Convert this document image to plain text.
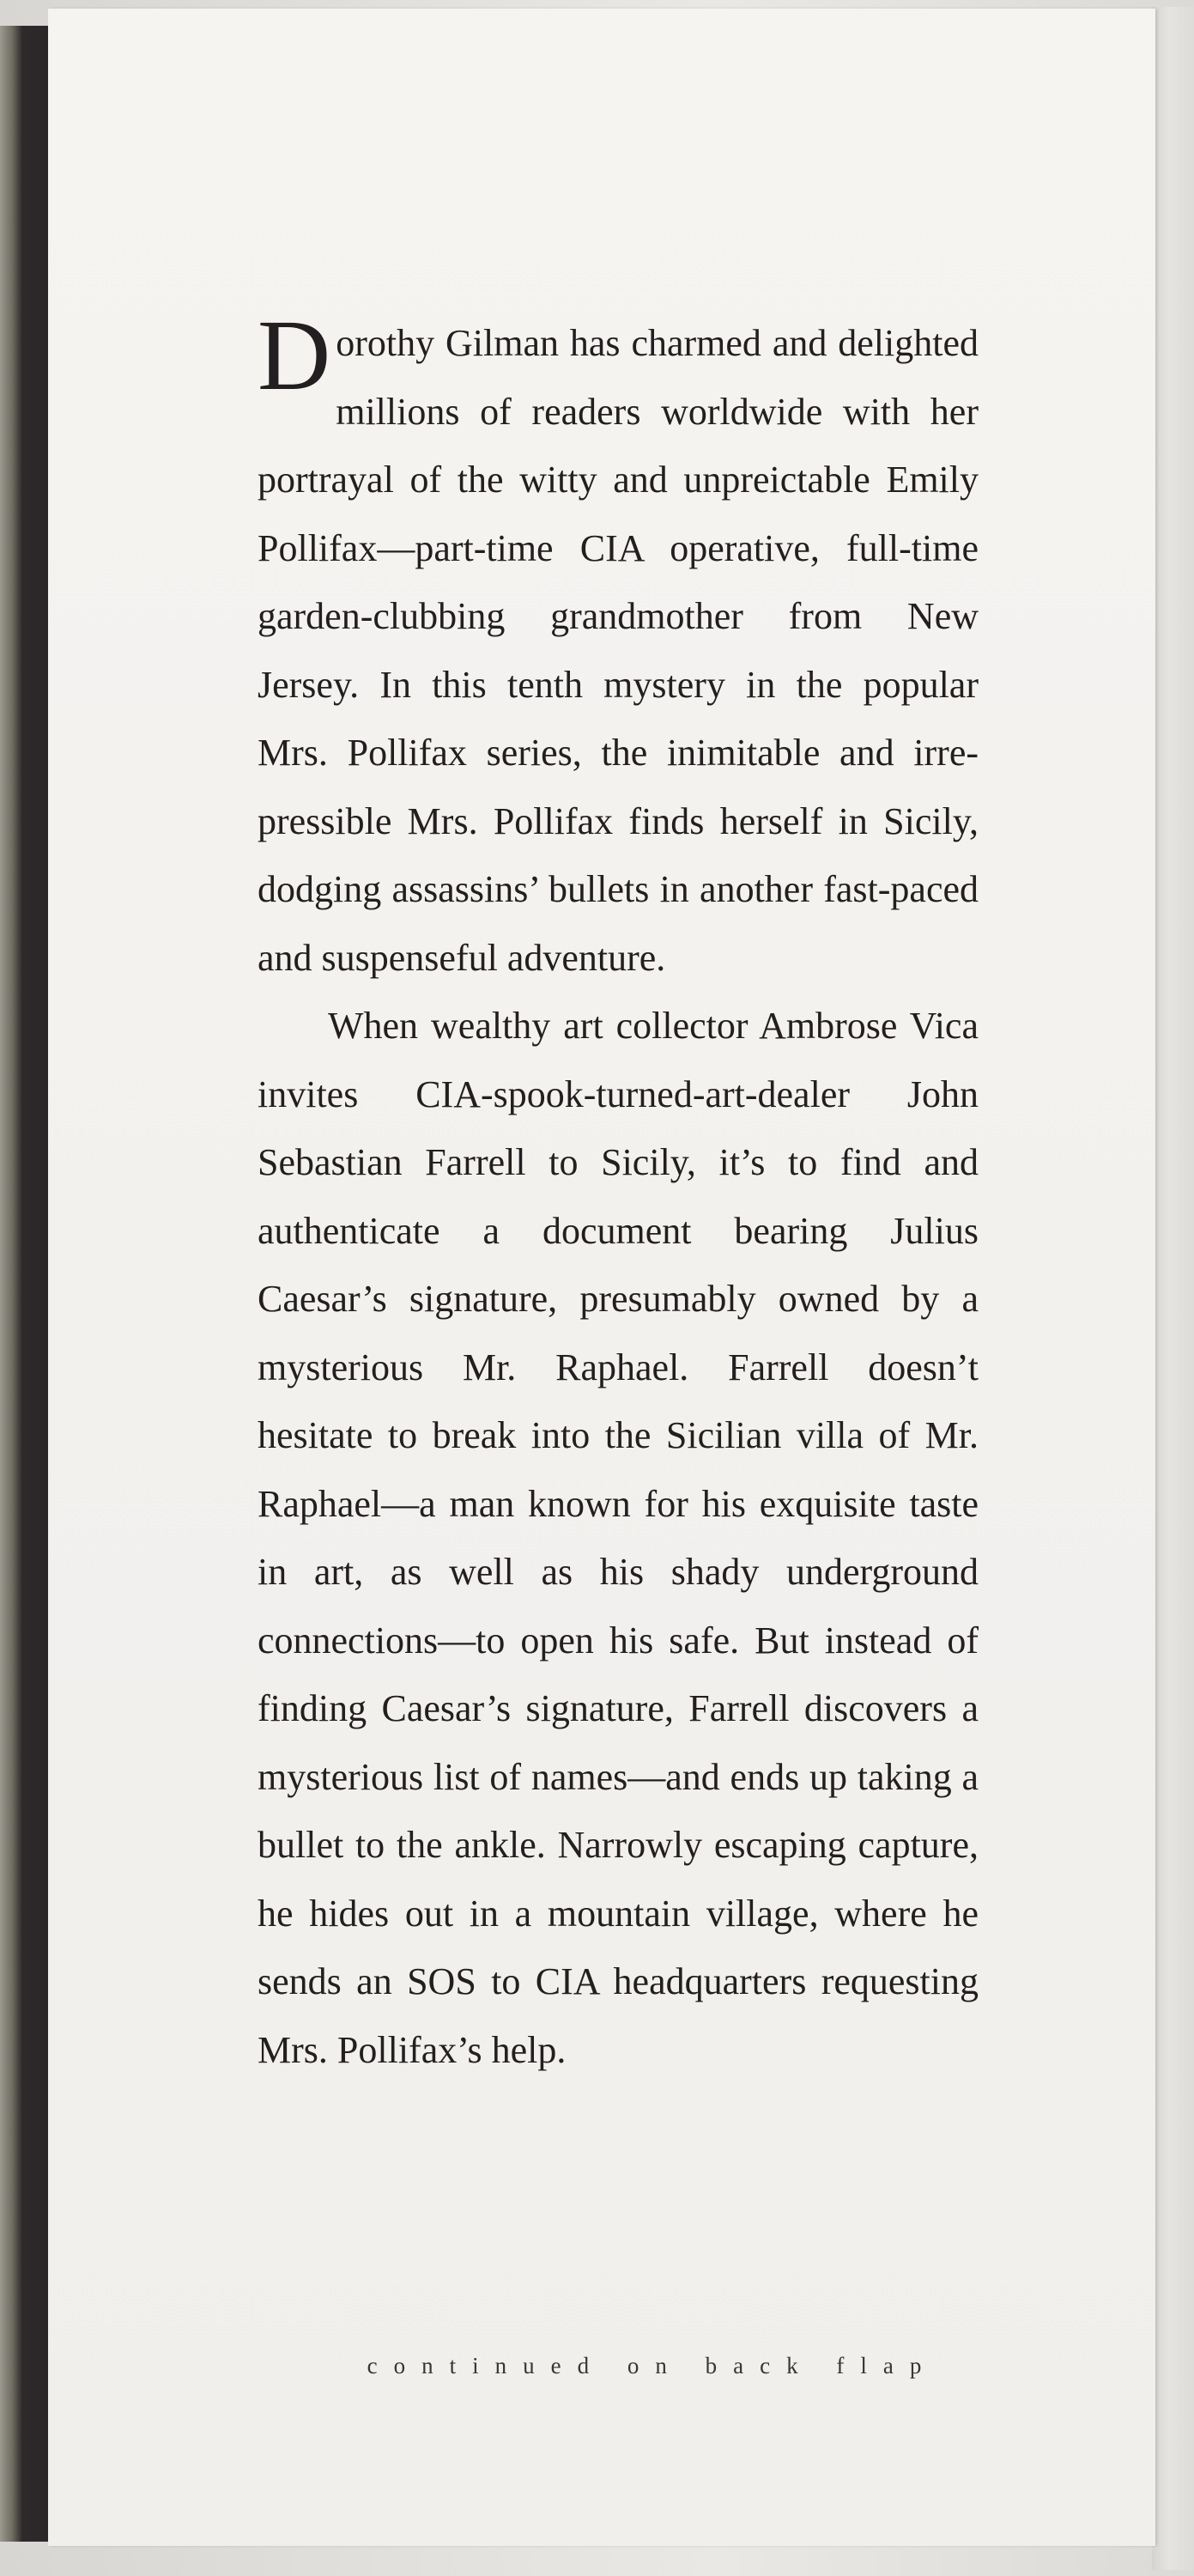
Dorothy Gilman has charmed and delighted millions of readers worldwide with her portrayal of the witty and unpreictable Emily Pollifax—part-time CIA operative, full-time garden-clubbing grandmother from New Jersey. In this tenth mystery in the popular Mrs. Pollifax series, the inimitable and irrepressible Mrs. Pollifax finds herself in Sicily, dodging assassins’ bullets in another fast-paced and suspenseful adventure.

When wealthy art collector Ambrose Vica invites CIA-spook-turned-art-dealer John Sebastian Farrell to Sicily, it’s to find and authenticate a document bearing Julius Caesar’s signature, presumably owned by a mysterious Mr. Raphael. Farrell doesn’t hesitate to break into the Sicilian villa of Mr. Raphael—a man known for his exquisite taste in art, as well as his shady underground connections—to open his safe. But instead of finding Caesar’s signature, Farrell discovers a mysterious list of names—and ends up taking a bullet to the ankle. Narrowly escaping capture, he hides out in a mountain village, where he sends an SOS to CIA headquarters requesting Mrs. Pollifax’s help.

continued on back flap
